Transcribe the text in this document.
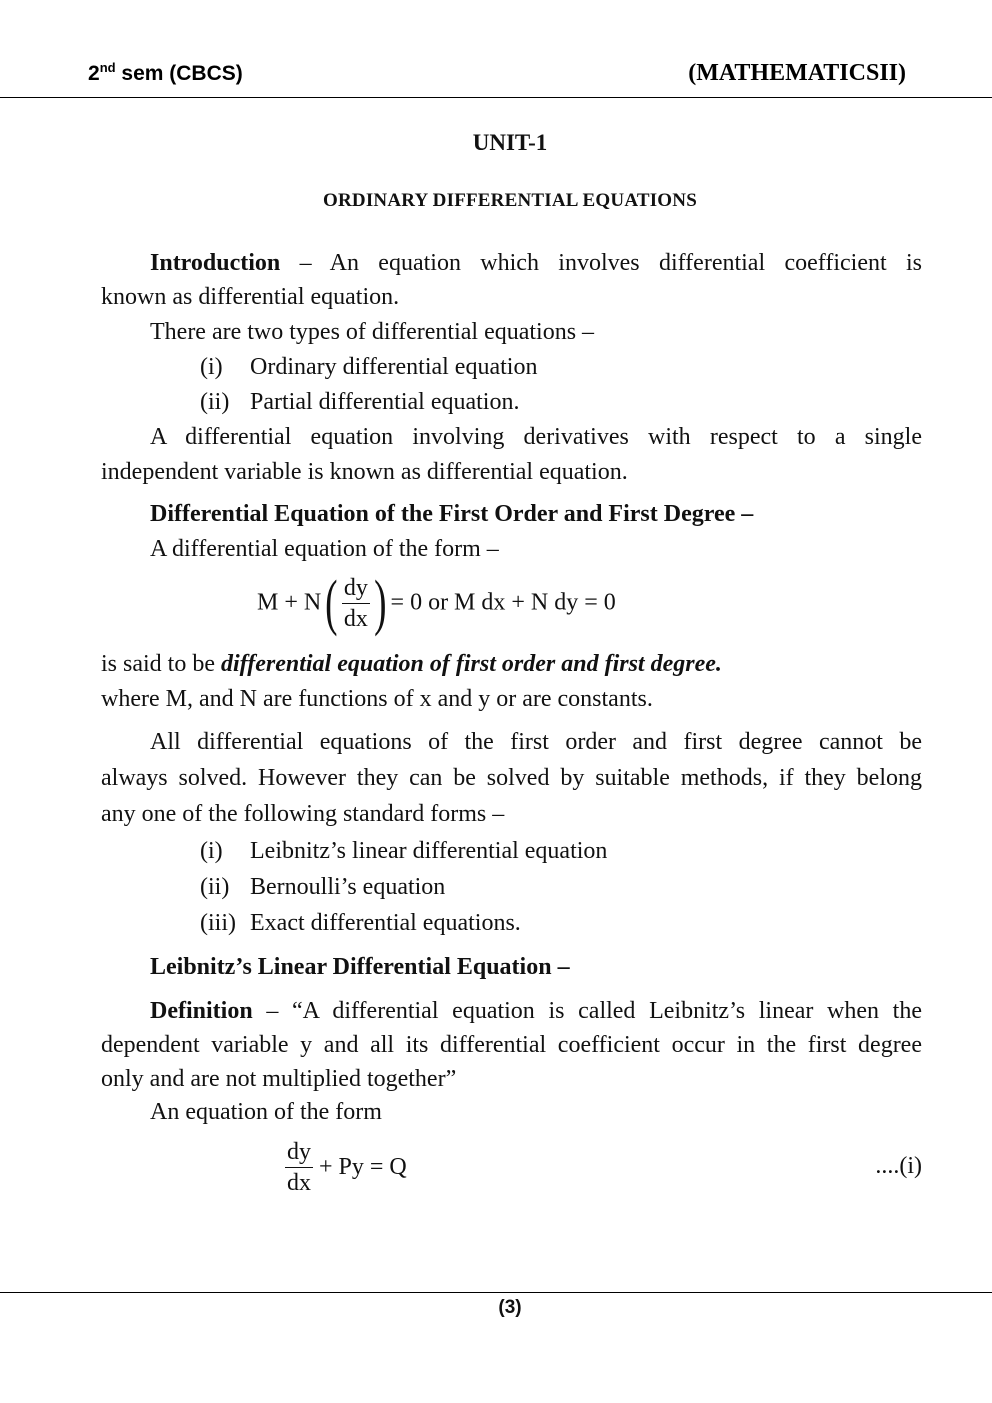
2nd sem (CBCS)	(MATHEMATICSII)
UNIT-1
ORDINARY DIFFERENTIAL EQUATIONS
Introduction – An equation which involves differential coefficient is
known as differential equation.
There are two types of differential equations –
(i) Ordinary differential equation
(ii) Partial differential equation.
A differential equation involving derivatives with respect to a single
independent variable is known as differential equation.
Differential Equation of the First Order and First Degree –
A differential equation of the form –
$M + N( \frac{dy}{dx}$ ) = 0 or M dx + N dy = 0
is said to be differential equation of first order and first degree.
where M, and N are functions of x and y or are constants.
All differential equations of the first order and first degree cannot be
always solved. However they can be solved by suitable methods, if they belong
any one of the following standard forms –
(i) Leibnitz’s linear differential equation
(ii) Bernoulli’s equation
(iii) Exact differential equations.
Leibnitz’s Linear Differential Equation –
Definition – “A differential equation is called Leibnitz’s linear when the
dependent variable y and all its differential coefficient occur in the first degree
only and are not multiplied together”
An equation of the form
$\frac{dy}{dx} + Py = Q$	....(i)
(3)
